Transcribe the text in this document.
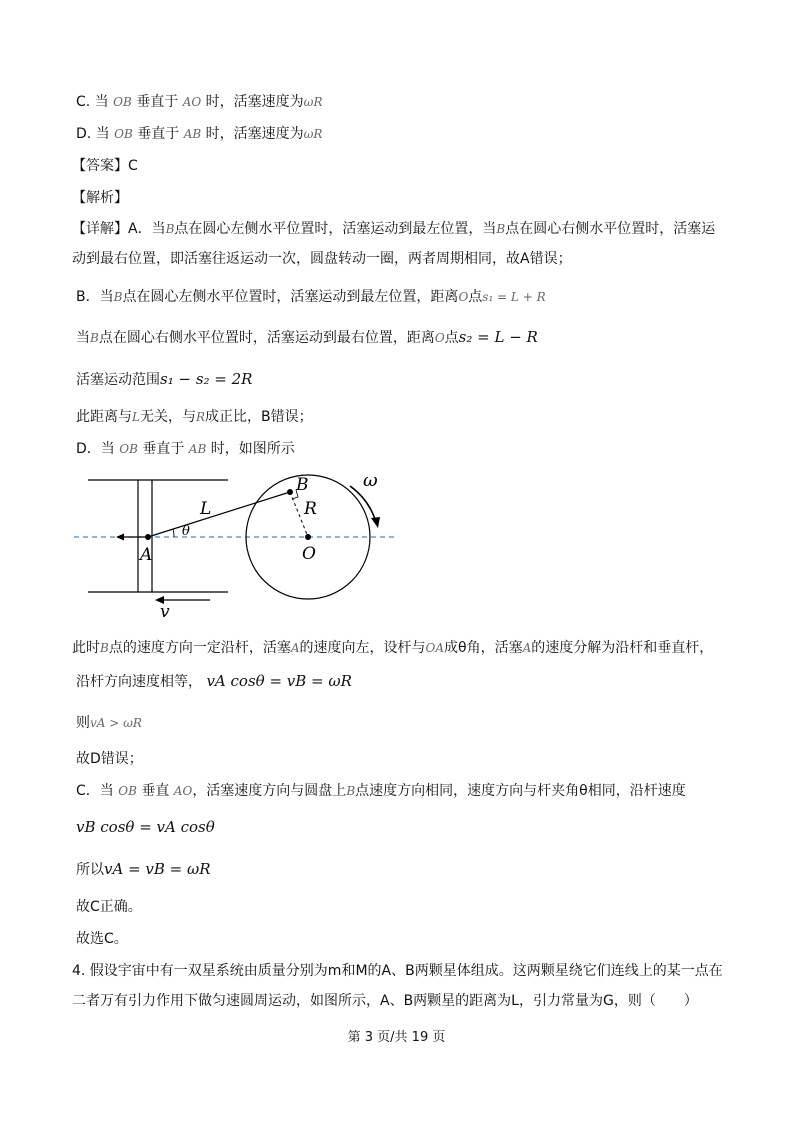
C. 当 OB 垂直于 AO 时，活塞速度为ωR
D. 当 OB 垂直于 AB 时，活塞速度为ωR
【答案】C
【解析】
【详解】A．当B点在圆心左侧水平位置时，活塞运动到最左位置，当B点在圆心右侧水平位置时，活塞运动到最右位置，即活塞往返运动一次，圆盘转动一圈，两者周期相同，故A错误；
B．当B点在圆心左侧水平位置时，活塞运动到最左位置，距离O点s₁ = L + R
当B点在圆心右侧水平位置时，活塞运动到最右位置，距离O点s₂ = L − R
活塞运动范围s₁ − s₂ = 2R
此距离与L无关，与R成正比，B错误；
D．当 OB 垂直于 AB 时，如图所示
B
L
θ
R
A	O
ω
v
此时B点的速度方向一定沿杆，活塞A的速度向左，设杆与OA成θ角，活塞A的速度分解为沿杆和垂直杆，
沿杆方向速度相等， vA cosθ = vB = ωR
则vA > ωR
故D错误；
C．当 OB 垂直 AO，活塞速度方向与圆盘上B点速度方向相同，速度方向与杆夹角θ相同，沿杆速度
vB cosθ = vA cosθ
所以vA = vB = ωR
故C正确。
故选C。
4. 假设宇宙中有一双星系统由质量分别为m和M的A、B两颗星体组成。这两颗星绕它们连线上的某一点在二者万有引力作用下做匀速圆周运动，如图所示，A、B两颗星的距离为L，引力常量为G，则（　　）
第 3 页/共 19 页
